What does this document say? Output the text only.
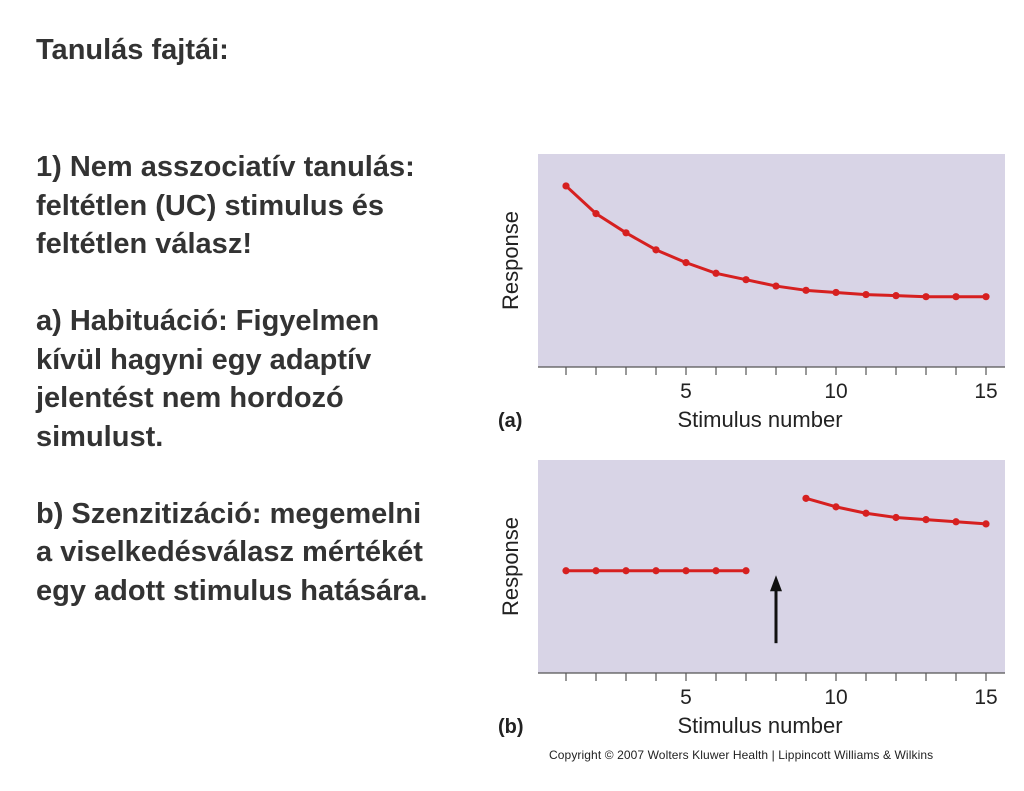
Tanulás fajtái:

1) Nem asszociatív tanulás:
feltétlen (UC) stimulus és
feltétlen válasz!

a) Habituáció: Figyelmen
kívül hagyni egy adaptív
jelentést nem hordozó
simulust.

b) Szenzitizáció: megemelni
a viselkedésválasz mértékét
egy adott stimulus hatására.

5	10	15
Stimulus number
Response
(a)
5	10	15
Stimulus number
Response
(b)
Copyright © 2007 Wolters Kluwer Health | Lippincott Williams & Wilkins
